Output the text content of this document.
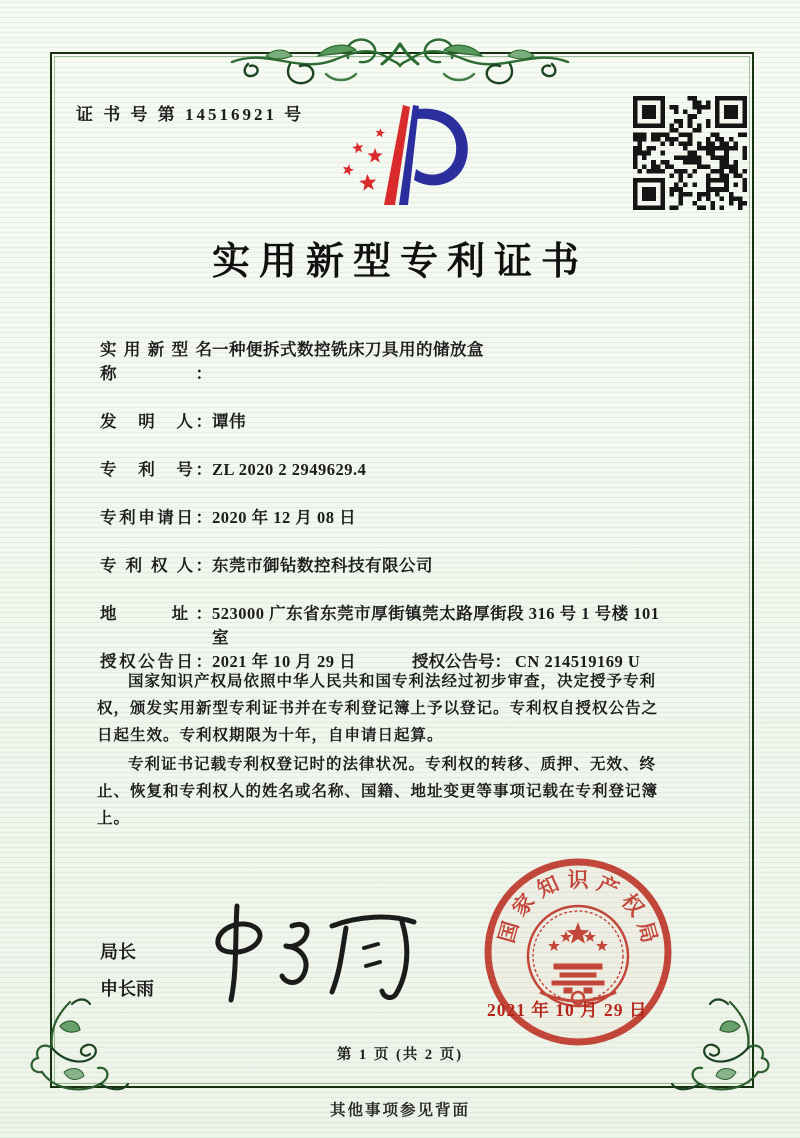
证 书 号 第 14516921 号
实用新型专利证书
实用新型名称：
一种便拆式数控铣床刀具用的储放盒
发　明　人： 谭伟
专　利　号： ZL 2020 2 2949629.4
专利申请日： 2020 年 12 月 08 日
专 利 权 人： 东莞市御钻数控科技有限公司
地　　址： 523000 广东省东莞市厚街镇莞太路厚街段 316 号 1 号楼 101 室
授权公告日： 2021 年 10 月 29 日	授权公告号： CN 214519169 U

国家知识产权局依照中华人民共和国专利法经过初步审查，决定授予专利权，颁发实用新型专利证书并在专利登记簿上予以登记。专利权自授权公告之日起生效。专利权期限为十年，自申请日起算。

专利证书记载专利权登记时的法律状况。专利权的转移、质押、无效、终止、恢复和专利权人的姓名或名称、国籍、地址变更等事项记载在专利登记簿上。

局长
申长雨
国
家
知 识 产
权
局
2021 年 10 月 29 日
第 1 页 (共 2 页)
其他事项参见背面
